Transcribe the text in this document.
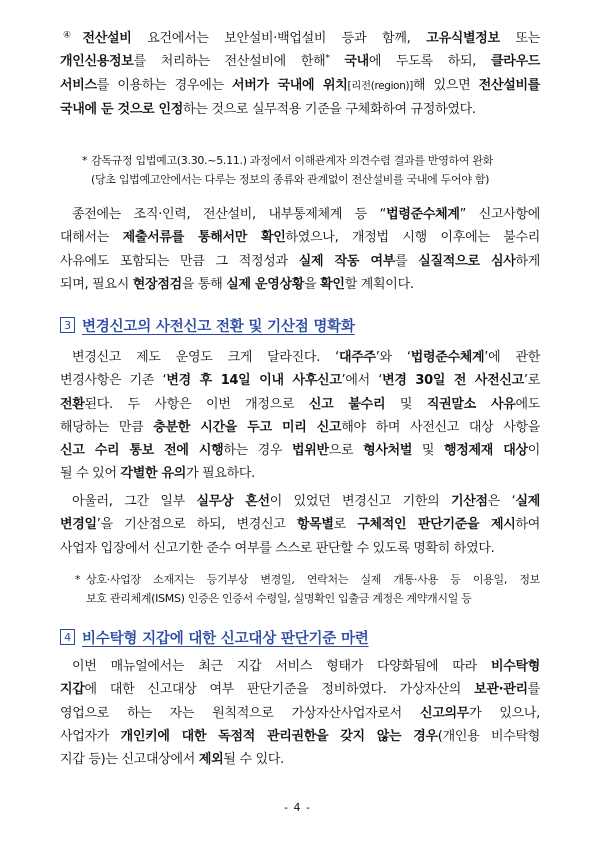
④전산설비 요건에서는 보안설비·백업설비 등과 함께, 고유식별정보 또는
개인신용정보를 처리하는 전산설비에 한해* 국내에 두도록 하되, 클라우드
서비스를 이용하는 경우에는 서버가 국내에 위치[리전(region)]해 있으면 전산설비를
국내에 둔 것으로 인정하는 것으로 실무적용 기준을 구체화하여 규정하였다.
* 감독규정 입법예고(3.30.~5.11.) 과정에서 이해관계자 의견수렴 결과를 반영하여 완화
(당초 입법예고안에서는 다루는 정보의 종류와 관계없이 전산설비를 국내에 두어야 함)
종전에는 조직·인력, 전산설비, 내부통제체계 등 “법령준수체계” 신고사항에
대해서는 제출서류를 통해서만 확인하였으나, 개정법 시행 이후에는 불수리
사유에도 포함되는 만큼 그 적정성과 실제 작동 여부를 실질적으로 심사하게
되며, 필요시 현장점검을 통해 실제 운영상황을 확인할 계획이다.
3 변경신고의 사전신고 전환 및 기산점 명확화
변경신고 제도 운영도 크게 달라진다. ‘대주주’와 ‘법령준수체계’에 관한
변경사항은 기존 ‘변경 후 14일 이내 사후신고’에서 ‘변경 30일 전 사전신고’로
전환된다. 두 사항은 이번 개정으로 신고 불수리 및 직권말소 사유에도
해당하는 만큼 충분한 시간을 두고 미리 신고해야 하며 사전신고 대상 사항을
신고 수리 통보 전에 시행하는 경우 법위반으로 형사처벌 및 행정제재 대상이
될 수 있어 각별한 유의가 필요하다.
아울러, 그간 일부 실무상 혼선이 있었던 변경신고 기한의 기산점은 ‘실제
변경일’을 기산점으로 하되, 변경신고 항목별로 구체적인 판단기준을 제시하여
사업자 입장에서 신고기한 준수 여부를 스스로 판단할 수 있도록 명확히 하였다.
* 상호·사업장 소재지는 등기부상 변경일, 연락처는 실제 개통·사용 등 이용일, 정보
보호 관리체계(ISMS) 인증은 인증서 수령일, 실명확인 입출금 계정은 계약개시일 등
4 비수탁형 지갑에 대한 신고대상 판단기준 마련
이번 매뉴얼에서는 최근 지갑 서비스 형태가 다양화됨에 따라 비수탁형
지갑에 대한 신고대상 여부 판단기준을 정비하였다. 가상자산의 보관·관리를
영업으로 하는 자는 원칙적으로 가상자산사업자로서 신고의무가 있으나,
사업자가 개인키에 대한 독점적 관리권한을 갖지 않는 경우(개인용 비수탁형
지갑 등)는 신고대상에서 제외될 수 있다.
- 4 -
